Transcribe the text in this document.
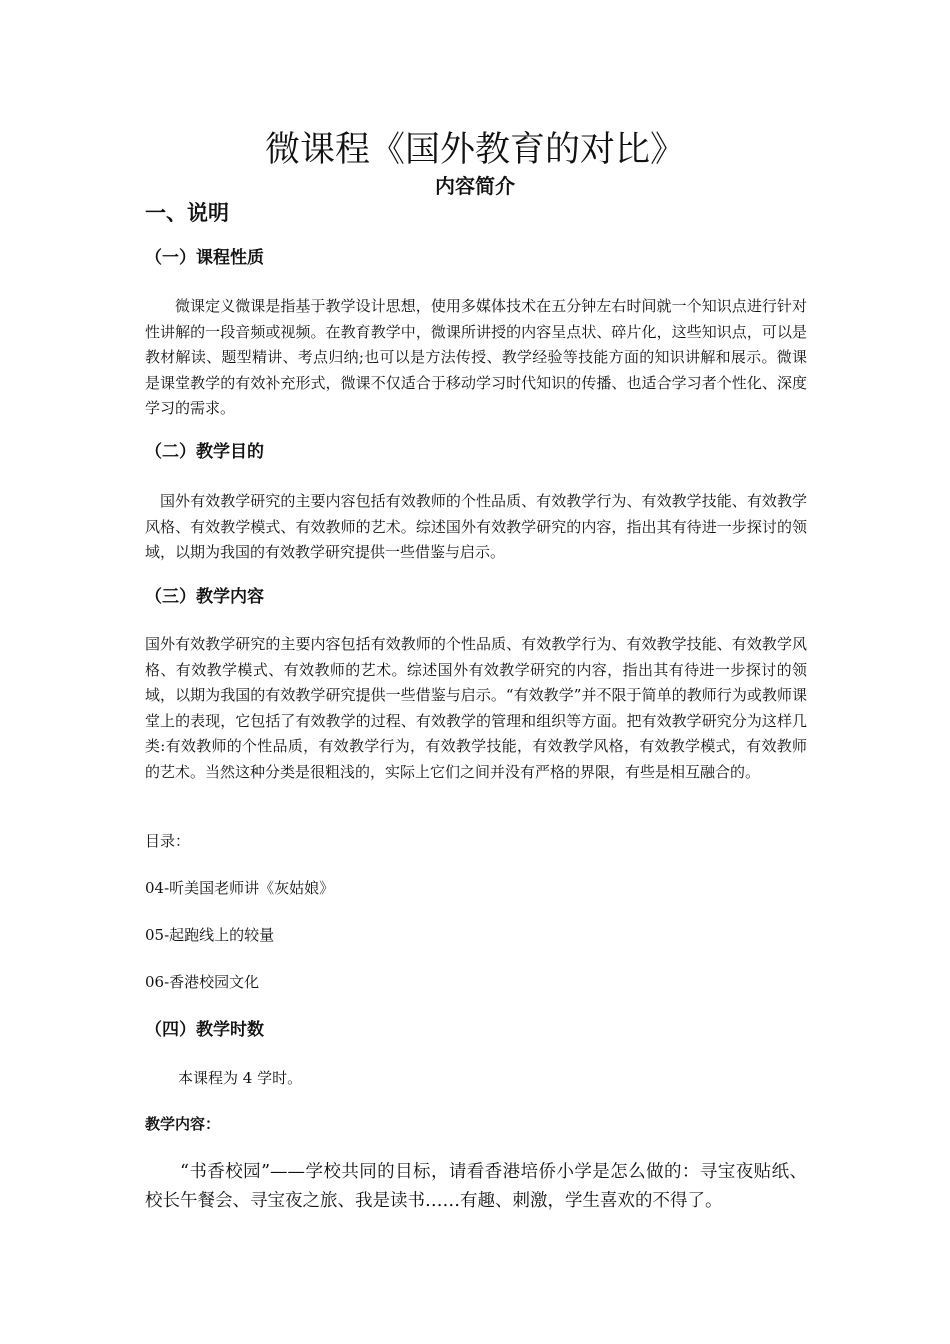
微课程《国外教育的对比》
内容简介
一、说明
（一）课程性质
微课定义微课是指基于教学设计思想，使用多媒体技术在五分钟左右时间就一个知识点进行针对性讲解的一段音频或视频。在教育教学中，微课所讲授的内容呈点状、碎片化，这些知识点，可以是教材解读、题型精讲、考点归纳;也可以是方法传授、教学经验等技能方面的知识讲解和展示。微课是课堂教学的有效补充形式，微课不仅适合于移动学习时代知识的传播、也适合学习者个性化、深度学习的需求。
（二）教学目的
国外有效教学研究的主要内容包括有效教师的个性品质、有效教学行为、有效教学技能、有效教学风格、有效教学模式、有效教师的艺术。综述国外有效教学研究的内容，指出其有待进一步探讨的领域，以期为我国的有效教学研究提供一些借鉴与启示。
（三）教学内容
国外有效教学研究的主要内容包括有效教师的个性品质、有效教学行为、有效教学技能、有效教学风格、有效教学模式、有效教师的艺术。综述国外有效教学研究的内容，指出其有待进一步探讨的领域，以期为我国的有效教学研究提供一些借鉴与启示。“有效教学”并不限于简单的教师行为或教师课堂上的表现，它包括了有效教学的过程、有效教学的管理和组织等方面。把有效教学研究分为这样几类:有效教师的个性品质，有效教学行为，有效教学技能，有效教学风格，有效教学模式，有效教师的艺术。当然这种分类是很粗浅的，实际上它们之间并没有严格的界限，有些是相互融合的。
目录：
04-听美国老师讲《灰姑娘》
05-起跑线上的较量
06-香港校园文化
（四）教学时数
本课程为 4 学时。
教学内容：
“书香校园”——学校共同的目标，请看香港培侨小学是怎么做的：寻宝夜贴纸、校长午餐会、寻宝夜之旅、我是读书……有趣、刺激，学生喜欢的不得了。
